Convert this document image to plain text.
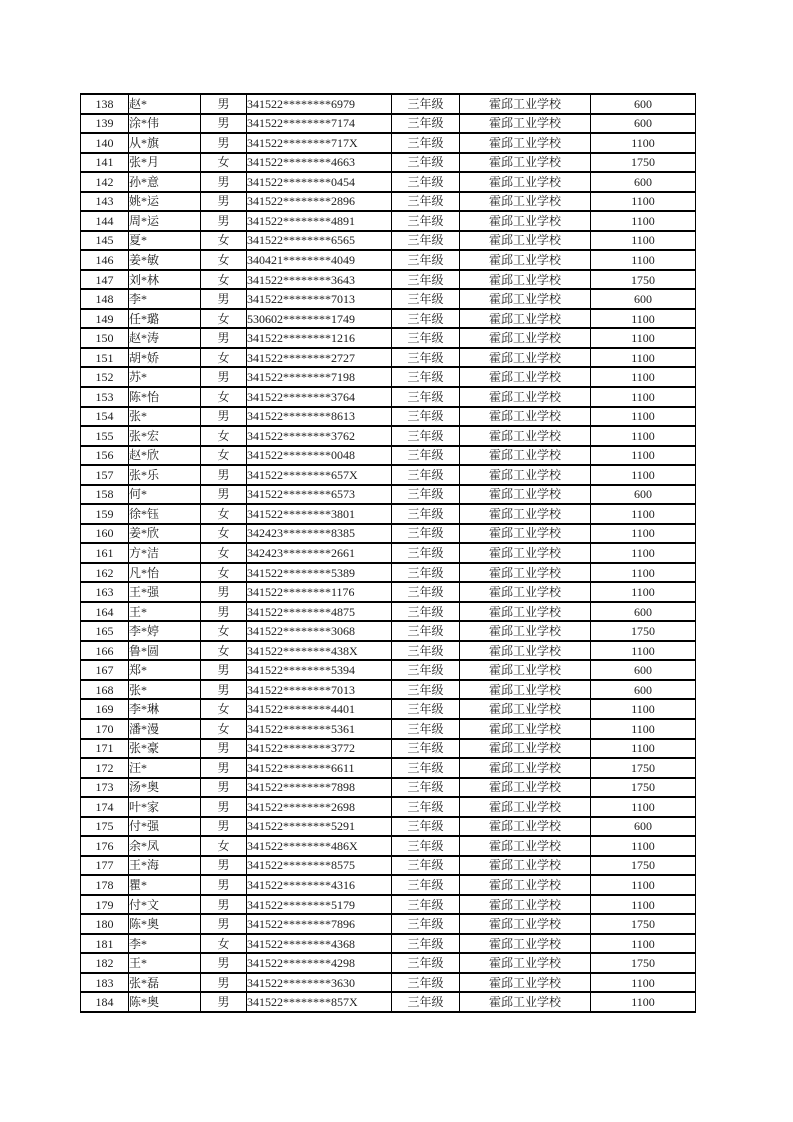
138	赵*	男	341522********6979	三年级	霍邱工业学校	600
139	涂*伟	男	341522********7174	三年级	霍邱工业学校	600
140	从*旗	男	341522********717X	三年级	霍邱工业学校	1100
141	张*月	女	341522********4663	三年级	霍邱工业学校	1750
142	孙*意	男	341522********0454	三年级	霍邱工业学校	600
143	姚*运	男	341522********2896	三年级	霍邱工业学校	1100
144	周*运	男	341522********4891	三年级	霍邱工业学校	1100
145	夏*	女	341522********6565	三年级	霍邱工业学校	1100
146	姜*敏	女	340421********4049	三年级	霍邱工业学校	1100
147	刘*林	女	341522********3643	三年级	霍邱工业学校	1750
148	李*	男	341522********7013	三年级	霍邱工业学校	600
149	任*璐	女	530602********1749	三年级	霍邱工业学校	1100
150	赵*涛	男	341522********1216	三年级	霍邱工业学校	1100
151	胡*娇	女	341522********2727	三年级	霍邱工业学校	1100
152	苏*	男	341522********7198	三年级	霍邱工业学校	1100
153	陈*怡	女	341522********3764	三年级	霍邱工业学校	1100
154	张*	男	341522********8613	三年级	霍邱工业学校	1100
155	张*宏	女	341522********3762	三年级	霍邱工业学校	1100
156	赵*欣	女	341522********0048	三年级	霍邱工业学校	1100
157	张*乐	男	341522********657X	三年级	霍邱工业学校	1100
158	何*	男	341522********6573	三年级	霍邱工业学校	600
159	徐*钰	女	341522********3801	三年级	霍邱工业学校	1100
160	姜*欣	女	342423********8385	三年级	霍邱工业学校	1100
161	方*洁	女	342423********2661	三年级	霍邱工业学校	1100
162	凡*怡	女	341522********5389	三年级	霍邱工业学校	1100
163	王*强	男	341522********1176	三年级	霍邱工业学校	1100
164	王*	男	341522********4875	三年级	霍邱工业学校	600
165	李*婷	女	341522********3068	三年级	霍邱工业学校	1750
166	鲁*圆	女	341522********438X	三年级	霍邱工业学校	1100
167	郑*	男	341522********5394	三年级	霍邱工业学校	600
168	张*	男	341522********7013	三年级	霍邱工业学校	600
169	李*琳	女	341522********4401	三年级	霍邱工业学校	1100
170	潘*漫	女	341522********5361	三年级	霍邱工业学校	1100
171	张*豪	男	341522********3772	三年级	霍邱工业学校	1100
172	汪*	男	341522********6611	三年级	霍邱工业学校	1750
173	汤*奥	男	341522********7898	三年级	霍邱工业学校	1750
174	叶*家	男	341522********2698	三年级	霍邱工业学校	1100
175	付*强	男	341522********5291	三年级	霍邱工业学校	600
176	余*凤	女	341522********486X	三年级	霍邱工业学校	1100
177	王*海	男	341522********8575	三年级	霍邱工业学校	1750
178	瞿*	男	341522********4316	三年级	霍邱工业学校	1100
179	付*文	男	341522********5179	三年级	霍邱工业学校	1100
180	陈*奥	男	341522********7896	三年级	霍邱工业学校	1750
181	李*	女	341522********4368	三年级	霍邱工业学校	1100
182	王*	男	341522********4298	三年级	霍邱工业学校	1750
183	张*磊	男	341522********3630	三年级	霍邱工业学校	1100
184	陈*奥	男	341522********857X	三年级	霍邱工业学校	1100
